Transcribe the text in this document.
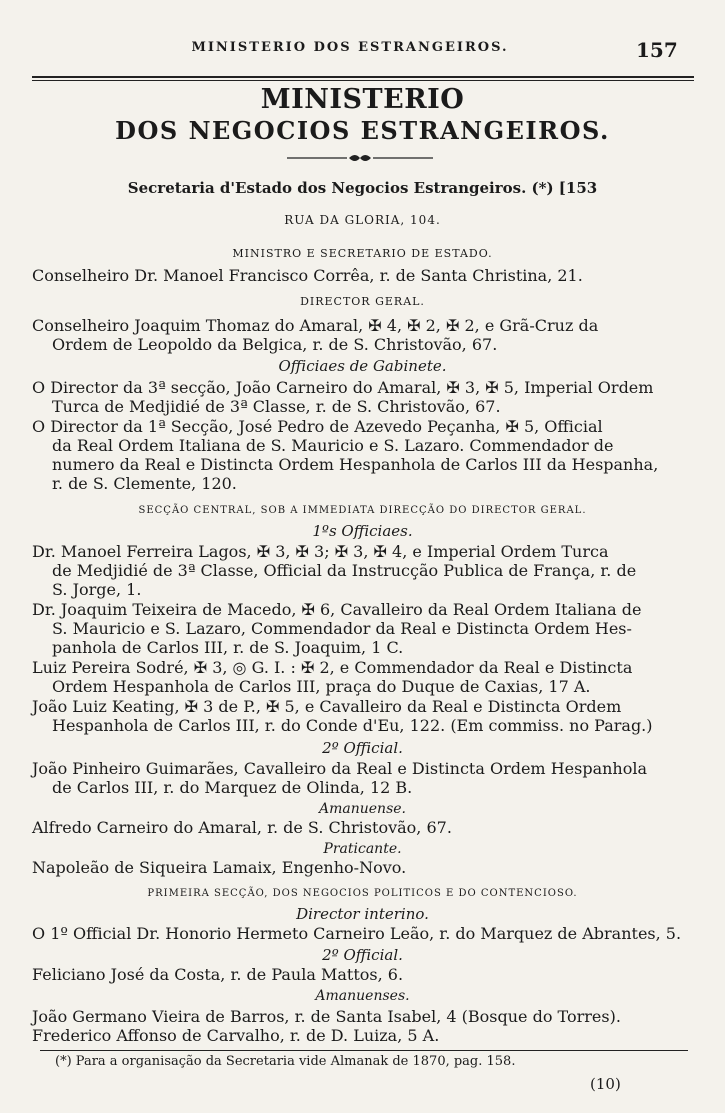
MINISTERIO DOS ESTRANGEIROS.	157
MINISTERIO
DOS NEGOCIOS ESTRANGEIROS.
Secretaria d'Estado dos Negocios Estrangeiros. (*) [153
RUA DA GLORIA, 104.
MINISTRO E SECRETARIO DE ESTADO.
Conselheiro Dr. Manoel Francisco Corrêa, r. de Santa Christina, 21.
DIRECTOR GERAL.
Conselheiro Joaquim Thomaz do Amaral, ✠ 4, ✠ 2, ✠ 2, e Grã-Cruz da
Ordem de Leopoldo da Belgica, r. de S. Christovão, 67.
Officiaes de Gabinete.
O Director da 3ª secção, João Carneiro do Amaral, ✠ 3, ✠ 5, Imperial Ordem
Turca de Medjidié de 3ª Classe, r. de S. Christovão, 67.
O Director da 1ª Secção, José Pedro de Azevedo Peçanha, ✠ 5, Official
da Real Ordem Italiana de S. Mauricio e S. Lazaro. Commendador de
numero da Real e Distincta Ordem Hespanhola de Carlos III da Hespanha,
r. de S. Clemente, 120.
SECÇÃO CENTRAL, SOB A IMMEDIATA DIRECÇÃO DO DIRECTOR GERAL.
1ºs Officiaes.
Dr. Manoel Ferreira Lagos, ✠ 3, ✠ 3; ✠ 3, ✠ 4, e Imperial Ordem Turca
de Medjidié de 3ª Classe, Official da Instrucção Publica de França, r. de
S. Jorge, 1.
Dr. Joaquim Teixeira de Macedo, ✠ 6, Cavalleiro da Real Ordem Italiana de
S. Mauricio e S. Lazaro, Commendador da Real e Distincta Ordem Hes-
panhola de Carlos III, r. de S. Joaquim, 1 C.
Luiz Pereira Sodré, ✠ 3, ◎ G. I. : ✠ 2, e Commendador da Real e Distincta
Ordem Hespanhola de Carlos III, praça do Duque de Caxias, 17 A.
João Luiz Keating, ✠ 3 de P., ✠ 5, e Cavalleiro da Real e Distincta Ordem
Hespanhola de Carlos III, r. do Conde d'Eu, 122. (Em commiss. no Parag.)
2º Official.
João Pinheiro Guimarães, Cavalleiro da Real e Distincta Ordem Hespanhola
de Carlos III, r. do Marquez de Olinda, 12 B.
Amanuense.
Alfredo Carneiro do Amaral, r. de S. Christovão, 67.
Praticante.
Napoleão de Siqueira Lamaix, Engenho-Novo.
PRIMEIRA SECÇÃO, DOS NEGOCIOS POLITICOS E DO CONTENCIOSO.
Director interino.
O 1º Official Dr. Honorio Hermeto Carneiro Leão, r. do Marquez de Abrantes, 5.
2º Official.
Feliciano José da Costa, r. de Paula Mattos, 6.
Amanuenses.
João Germano Vieira de Barros, r. de Santa Isabel, 4 (Bosque do Torres).
Frederico Affonso de Carvalho, r. de D. Luiza, 5 A.
(*) Para a organisação da Secretaria vide Almanak de 1870, pag. 158.
(10)
